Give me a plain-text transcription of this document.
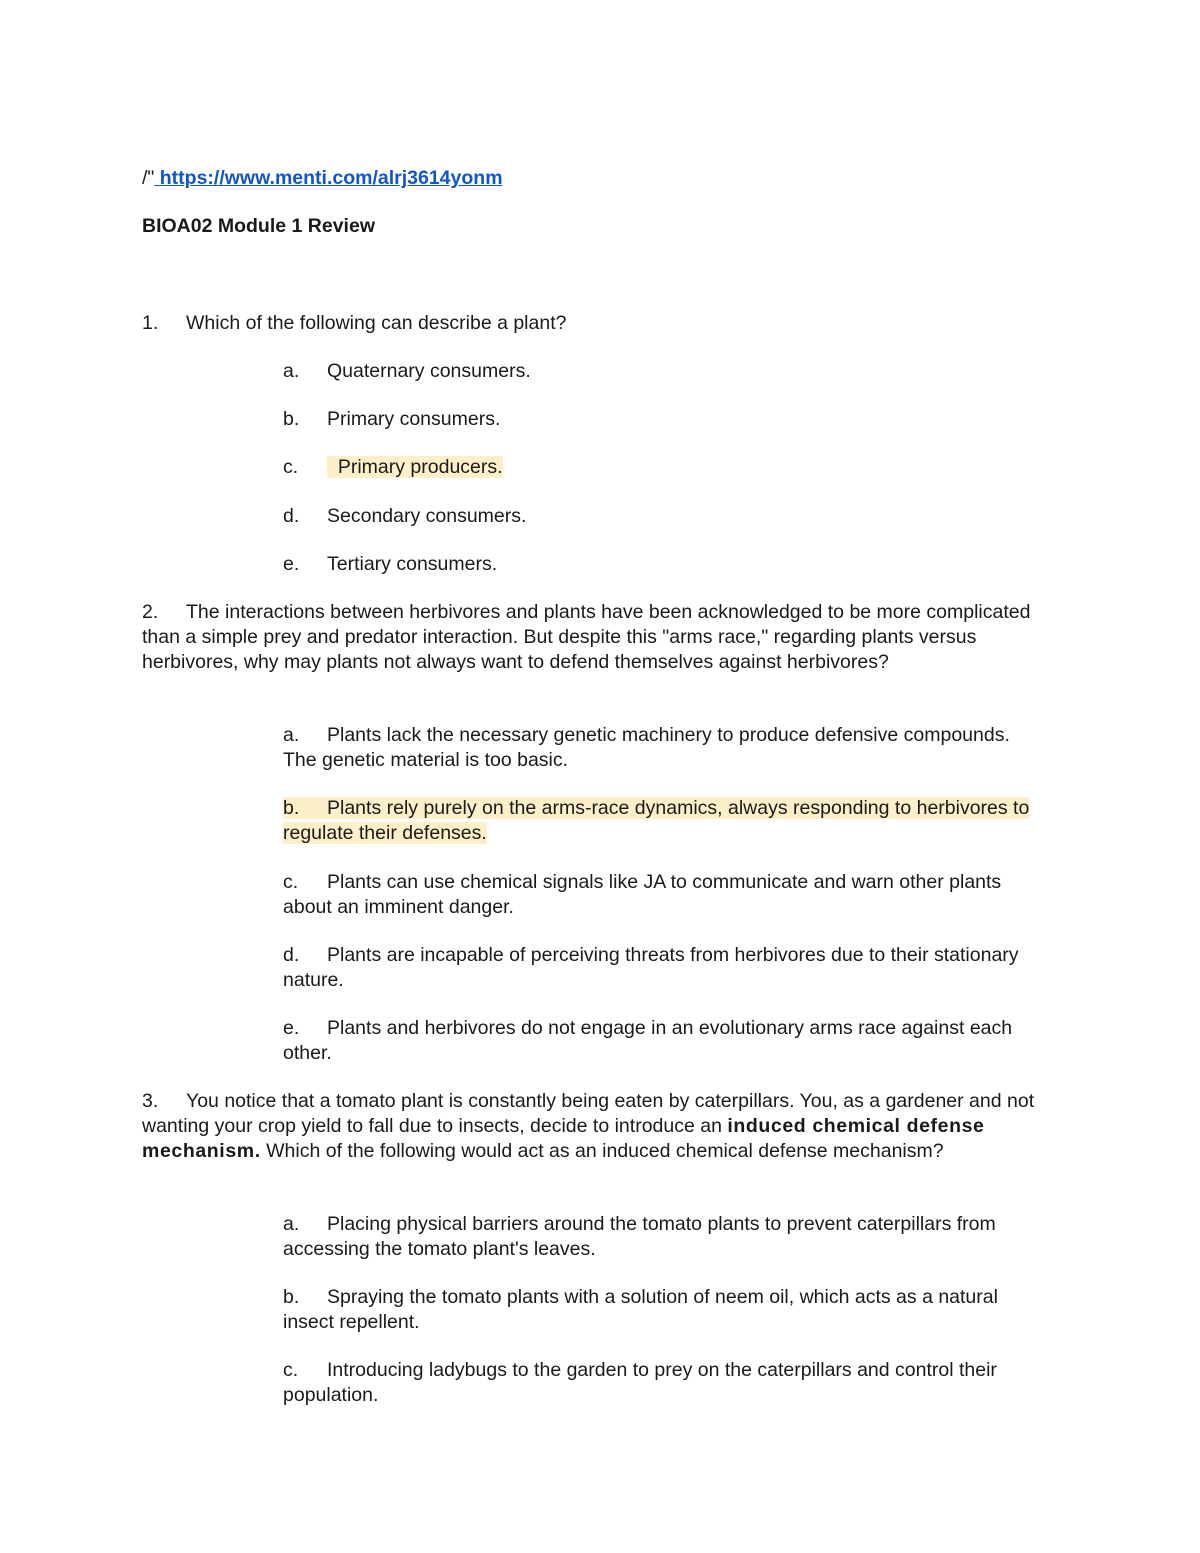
/" https://www.menti.com/alrj3614yonm
BIOA02 Module 1 Review
1. Which of the following can describe a plant?
a. Quaternary consumers.
b. Primary consumers.
c. Primary producers.
d. Secondary consumers.
e. Tertiary consumers.
2. The interactions between herbivores and plants have been acknowledged to be more complicated than a simple prey and predator interaction. But despite this "arms race," regarding plants versus herbivores, why may plants not always want to defend themselves against herbivores?
a. Plants lack the necessary genetic machinery to produce defensive compounds. The genetic material is too basic.
b. Plants rely purely on the arms-race dynamics, always responding to herbivores to regulate their defenses.
c. Plants can use chemical signals like JA to communicate and warn other plants about an imminent danger.
d. Plants are incapable of perceiving threats from herbivores due to their stationary nature.
e. Plants and herbivores do not engage in an evolutionary arms race against each other.
3. You notice that a tomato plant is constantly being eaten by caterpillars. You, as a gardener and not wanting your crop yield to fall due to insects, decide to introduce an induced chemical defense mechanism. Which of the following would act as an induced chemical defense mechanism?
a. Placing physical barriers around the tomato plants to prevent caterpillars from accessing the tomato plant's leaves.
b. Spraying the tomato plants with a solution of neem oil, which acts as a natural insect repellent.
c. Introducing ladybugs to the garden to prey on the caterpillars and control their population.
